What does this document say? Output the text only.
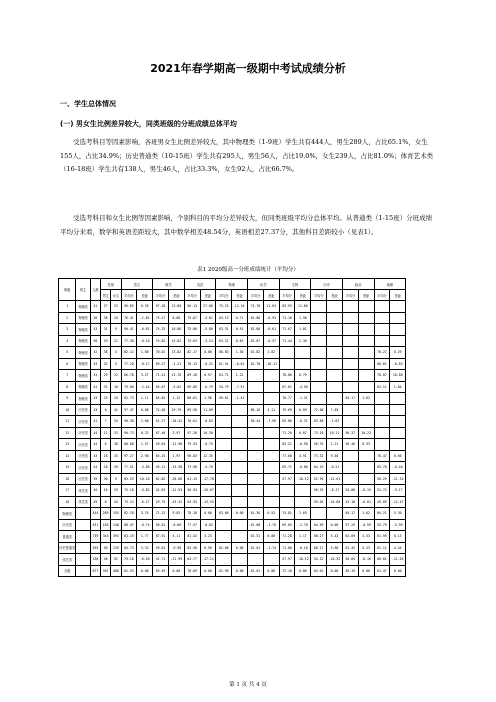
2021年春学期高一级期中考试成绩分析
一、学生总体情况
(一) 男女生比例差异较大，同类班级的分班成绩总体平均
受选考科目等因素影响，各班男女生比例差异较大，其中物理类（1-9班）学生共有444人，男生289人，占比65.1%，女生155人，占比34.9%；历史普通类（10-15班）学生共有295人，男生56人，占比19.0%，女生239人，占比81.0%；体育艺术类（16-18班）学生共有138人，男生46人，占比33.3%，女生92人，占比66.7%。
受选考科目和女生比例等因素影响，个别科目的平均分差异较大，但同类班级平均分总体平均。从普通类（1-15班）分班成绩平均分来看，数学和英语差距较大，其中数学相差48.54分，英语相差27.37分，其他科目差距较小（见表1）。
表1 2020级高一分班成绩统计（平均分）
班级	班主	人数	性别		语文		数学		英语		物理		化学		生物		历史		政治		地理	
			男生	女生	平均分	差距	平均分	差距	平均分	差距	平均分	差距	平均分	差距	平均分	差距	平均分	差距	平均分	差距	平均分	差距
1	物理类	41	27	23	96.65	0.35	97.18	13.80	96.13	27.80	75.23	12.10	74.78	11.63	83.93	11.86						
2	物理类	36	38	20	76.41	-1.82	75.27	8.68	75.67	-3.81	63.13	0.71	62.86	-0.93	71.10	1.96						
3	物理类	43	31	9	90.41	-0.81	74.33	16.86	75.00	-5.80	63.31	0.91	62.86	-0.61	71.67	1.01						
4	物理类	50	29	21	77.30	-0.10	74.82	15.82	75.63	-3.24	63.31	0.81	62.87	-0.57	71.44	2.30						
5	物理类	42	38	4	82.12	1.80	70.02	13.82	82.17	0.00	60.83	1.30	62.82	1.02							70.27	0.29
6	物理类	43	32	9	77.20	-0.17	69.27	-2.21	78.13	-0.21	61.41	-0.01	52.78	-10.11							66.61	-0.83
7	物理类	41	29	22	86.78	3.27	71.41	13.76	89.16	0.97	63.71	1.22			78.86	6.79					70.07	10.80
8	物理类	41	31	16	79.00	-2.44	65.67	-5.82	69.85	-6.79	54.79	-7.51			67.61	-4.58					62.11	1.84
9	物理类	43	23	20	82.73	1.11	65.82	1.12	80.61	1.96	59.81	-1.41			70.77	-1.31			64.17	1.62		
10	历史类	43	6	41	97.47	6.88	74.40	19.79	89.58	11.09			86.16	4.11	79.69	6.09	72.00	7.03				
11	历史类	41	7	34	90.30	1.00	51.27	-10.42	76.61	-0.83			50.44	-7.96	65.86	-6.31	63.58	-1.62				
12	历史类	44	11	33	90.73	0.22	67.46	3.97	97.20	10.30					71.20	0.07	73.16	10.11	56.37	10.23		
13	历史类	44	6	38	80.08	1.57	49.64	-11.96	79.53	-0.75					83.21	-0.98	56.76	2.21	50.46	0.33		
14	历史类	43	18	25	97.27	2.90	65.25	1.97	90.83	12.35					77.60	4.91	73.32	9.56			70.47	0.66
15	历史类	44	18	26	77.51	-3.80	45.11	-13.58	73.98	-4.70					63.71	-6.88	64.19	-0.21			65.70	-0.40
16	历史类	39	30	9	83.25	10.10	61.82	-20.68	61.13	-17.78					57.97	-10.12	52.95	-12.61			50.25	-11.32
17	体艺类	49	16	29	75.16	-5.82	42.63	-21.53	58.53	-20.67							56.29	-8.17	54.80	-8.19	51.72	-9.17
18	体艺类	49	0	44	75.14	-6.27	29.75	-23.42	64.93	-13.55							55.03	-10.60	43.18	-6.01	49.89	-12.47
物理类		444	289	155	82.18	3.74	71.12	9.02	78.18	0.00	63.06	0.00	61.36	0.53	74.81	2.65			64.17	1.62	66.21	5.30
历史类		431	183	248	88.47	-0.74	56.81	-8.66	77.97	-0.82			61.08	-1.76	69.83	-2.78	64.59	0.00	57.29	-0.59	55.79	-5.99
普通类		739	345	394	83.19	1.77	67.91	4.11	81.52	3.23			62.51	0.00	71.28	1.17	68.27	5.43	62.69	4.53	61.99	0.13
历史普通类		295	56	239	84.73	3.32	59.01	-9.98	83.50	6.90	62.06	0.00	61.61	-1.74	71.80	-0.10	68.27	5.60	61.45	5.23	61.11	4.44
体艺类		138	46	92	75.16	-6.40	41.71	-21.99	64.77	-17.11					57.97	-10.12	54.12	-10.32	50.64	-8.16	60.01	-11.05
全级		877	391	486	81.53	0.00	63.49	0.00	78.69	0.00	62.96	0.00	62.01	0.00	72.16	0.00	64.01	0.00	56.19	0.00	61.47	0.00
第 1 页 共 4 页
